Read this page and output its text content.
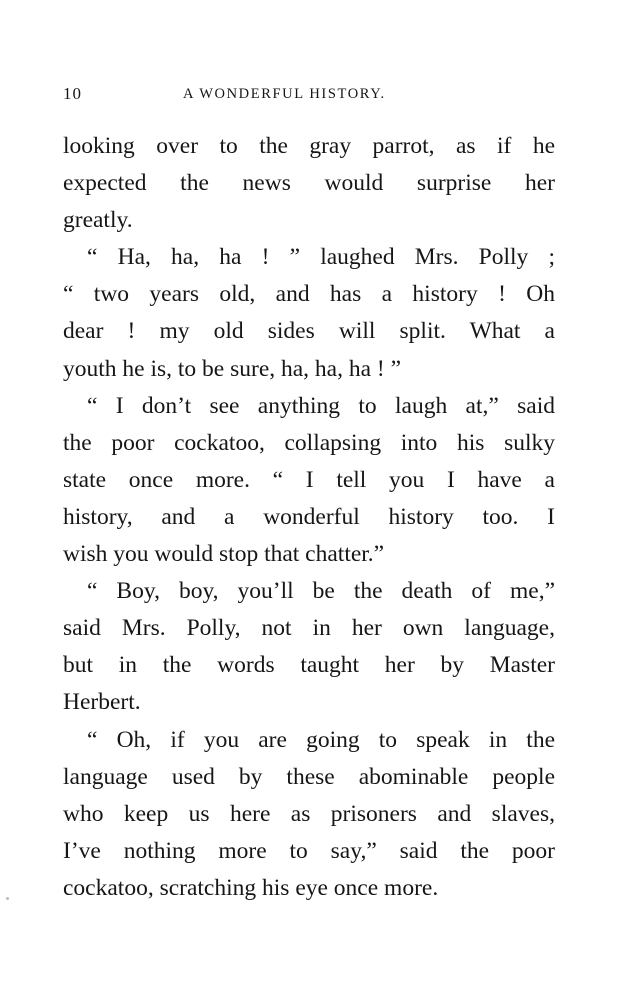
10	A WONDERFUL HISTORY.
looking over to the gray parrot, as if he
expected the news would surprise her
greatly.
“ Ha, ha, ha ! ” laughed Mrs. Polly ;
“ two years old, and has a history ! Oh
dear ! my old sides will split. What a
youth he is, to be sure, ha, ha, ha ! ”
“ I don’t see anything to laugh at,” said
the poor cockatoo, collapsing into his sulky
state once more. “ I tell you I have a
history, and a wonderful history too. I
wish you would stop that chatter.”
“ Boy, boy, you’ll be the death of me,”
said Mrs. Polly, not in her own language,
but in the words taught her by Master
Herbert.
“ Oh, if you are going to speak in the
language used by these abominable people
who keep us here as prisoners and slaves,
I’ve nothing more to say,” said the poor
cockatoo, scratching his eye once more.
